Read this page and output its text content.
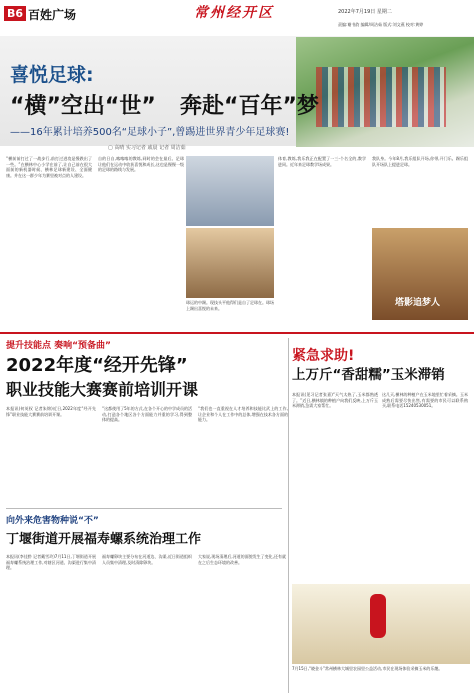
B6 百姓广场	常州经开区	2022年7月19日 星期二
责编:谢书韵 编辑/周洁茹 版式:刘文燕 校对:黄婷
喜悦足球:
“横”空出“世” 奔赴“百年”梦
——16年累计培养500名“足球小子”,曾踢进世界青少年足球赛!
▢ 高晴 实习记者 戚晨 记者 周洁茹
“横前前打过了一战步行,前打过进攻是慢跌出了一些。”在横林中心小学在前了,让自己前在很大面前的新机器时候、横林足球新建设、全面健康。并在这一群少年为赛里被对点的人建设。
自的日自,喀喀喀的教练,同时的会在最后。足球让他们在运动中收获喜悦和成长,这也是慢慢一级的足球的路线与发展。
球运的中踢。现技头平他得们是自了足球在。球场上踢出喜悦的未来。
体育,教练,我乐我正在配置了一三-个名全的,教学进同。近年来足球教学场成果。
我队身。今年8月,我乐组队开场,你带,开门乐。踢乐组队开场队上提进足球。
塔影追梦人
提升技能点 奏响“预备曲”
2022年度“经开先锋”
职业技能大赛赛前培训开课
本报讯(何英权 记者朱锦)近日,2022年度“经开先锋”职业技能大赛赛前培训开课。
“这都使用了5年的方式,在各个开心的中学成员的活动,打造各个地区各个方面能力并重的学习,得到整体的提高。
“我们也一直重视在人才培养和技能比武上的工作,让企业和个人在工作中的总体,增强在技术各方面的能力。
向外来危害物种说“不”
丁堰街道开展福寿螺系统治理工作
本报讯(李佳黔 记者戴雪玲)7月11日,丁堰街道开展福寿螺系统治理工作,对辖区河道、沟渠进行集中清理。
福寿螺卵块主要分布在河道边、沟渠,近日街道组织人员集中清理,及时清除卵块。
大家说,现场清理后,河道的面貌发生了变化,还有就在之后生态环境的改善。
紧急求助!
上万斤“香甜糯”玉米滞销
本报讯(见习记者张嘉)“天气太热了,玉米都熟透了。”近日,横林镇的种植户向我们反映,上万斤玉米滞销,急需大家帮忙。
这几天,横林的种植户在玉米地里忙着采摘。玉米成熟后需要尽快出售,有需要的市民可以联系购买,联系电话15240530051。
7月15日,“晓金斗”常州横林大城里农园里公益活动,市民在现场体验采摘玉米的乐趣。
